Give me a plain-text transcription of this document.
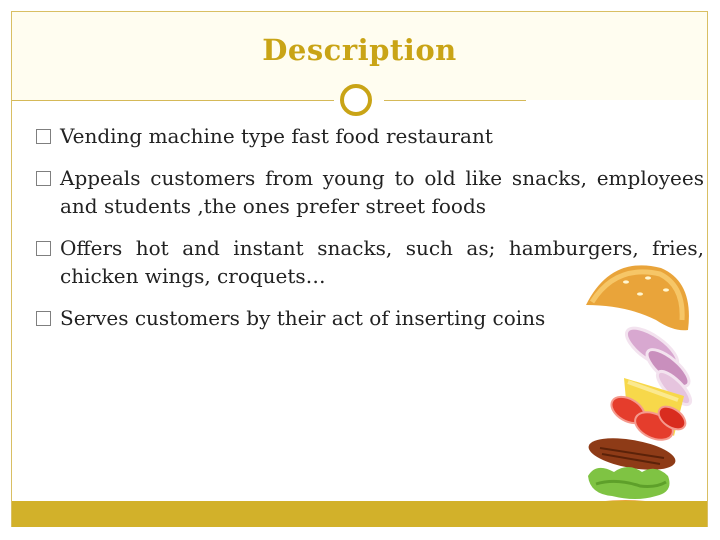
Description
Vending machine type fast food restaurant
Appeals customers from young to old like snacks, employees and students ,the ones prefer street foods
Offers hot and instant snacks, such as; hamburgers, fries, chicken wings, croquets…
Serves customers by their act of inserting coins
